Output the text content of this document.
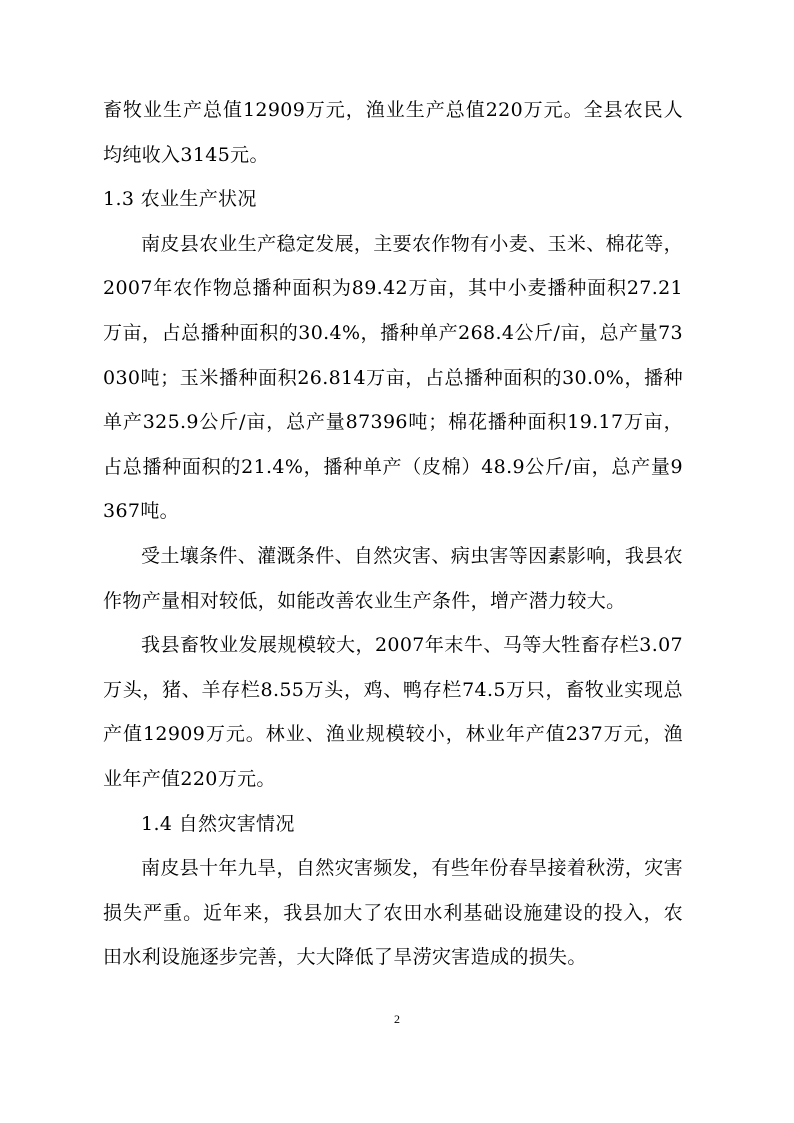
畜牧业生产总值12909万元，渔业生产总值220万元。全县农民人均纯收入3145元。

1.3 农业生产状况

南皮县农业生产稳定发展，主要农作物有小麦、玉米、棉花等，2007年农作物总播种面积为89.42万亩，其中小麦播种面积27.21万亩，占总播种面积的30.4%，播种单产268.4公斤/亩，总产量73030吨；玉米播种面积26.814万亩，占总播种面积的30.0%，播种单产325.9公斤/亩，总产量87396吨；棉花播种面积19.17万亩，占总播种面积的21.4%，播种单产（皮棉）48.9公斤/亩，总产量9367吨。

受土壤条件、灌溉条件、自然灾害、病虫害等因素影响，我县农作物产量相对较低，如能改善农业生产条件，增产潜力较大。

我县畜牧业发展规模较大，2007年末牛、马等大牲畜存栏3.07万头，猪、羊存栏8.55万头，鸡、鸭存栏74.5万只，畜牧业实现总产值12909万元。林业、渔业规模较小，林业年产值237万元，渔业年产值220万元。

1.4 自然灾害情况

南皮县十年九旱，自然灾害频发，有些年份春旱接着秋涝，灾害损失严重。近年来，我县加大了农田水利基础设施建设的投入，农田水利设施逐步完善，大大降低了旱涝灾害造成的损失。

2
